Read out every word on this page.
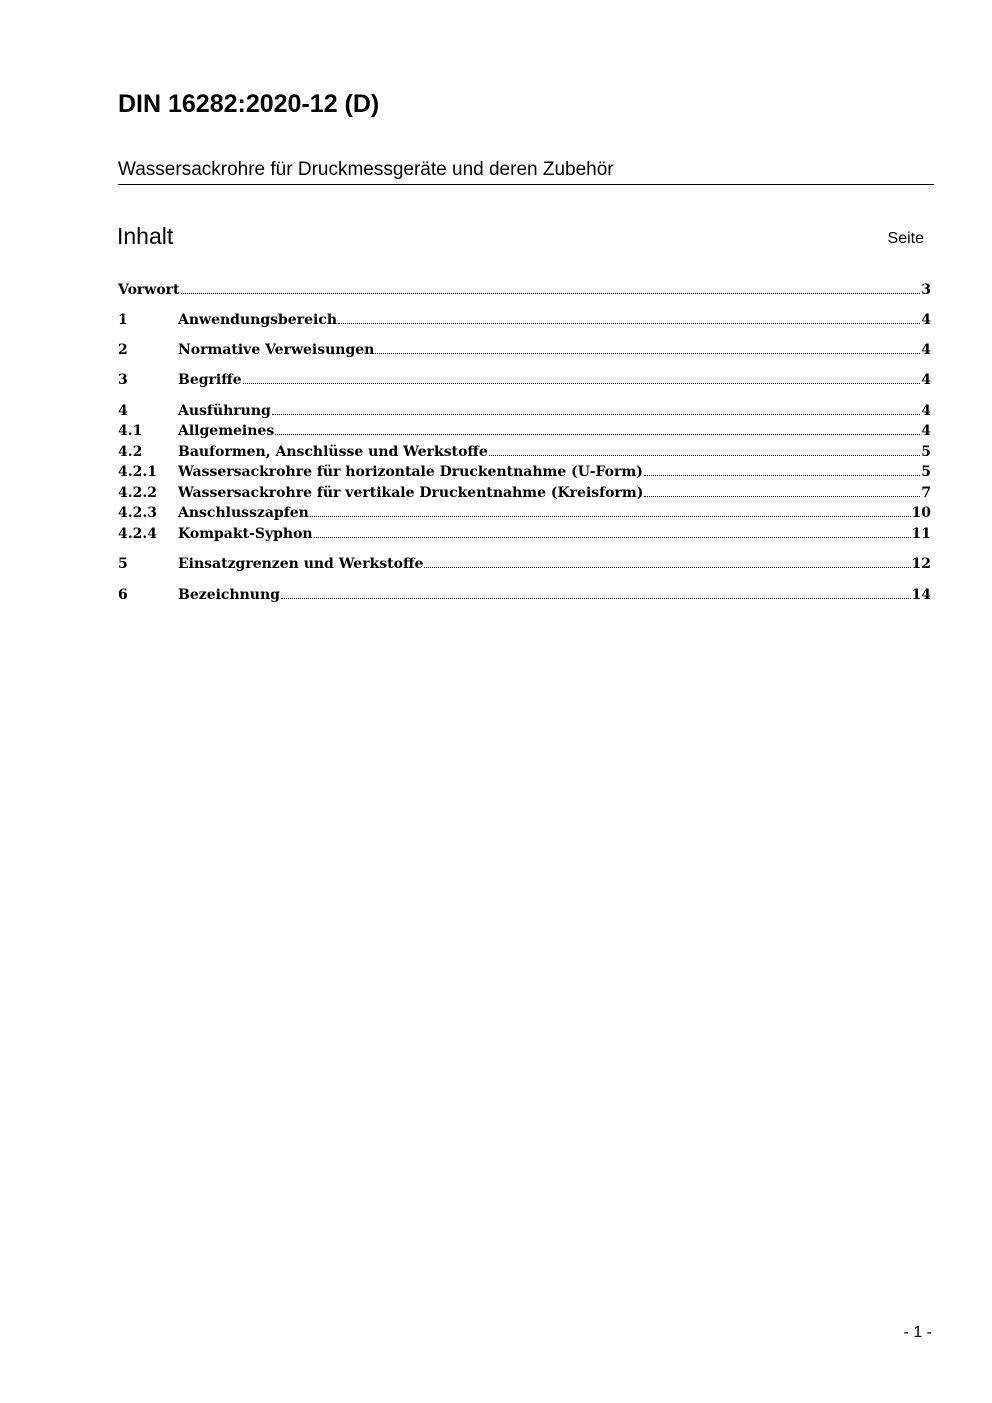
DIN 16282:2020-12 (D)
Wassersackrohre für Druckmessgeräte und deren Zubehör
Inhalt	Seite
Vorwort	3
1	Anwendungsbereich	4
2	Normative Verweisungen	4
3	Begriffe	4
4	Ausführung	4
4.1	Allgemeines	4
4.2	Bauformen, Anschlüsse und Werkstoffe	5
4.2.1	Wassersackrohre für horizontale Druckentnahme (U-Form)	5
4.2.2	Wassersackrohre für vertikale Druckentnahme (Kreisform)	7
4.2.3	Anschlusszapfen	10
4.2.4	Kompakt-Syphon	11
5	Einsatzgrenzen und Werkstoffe	12
6	Bezeichnung	14
- 1 -
